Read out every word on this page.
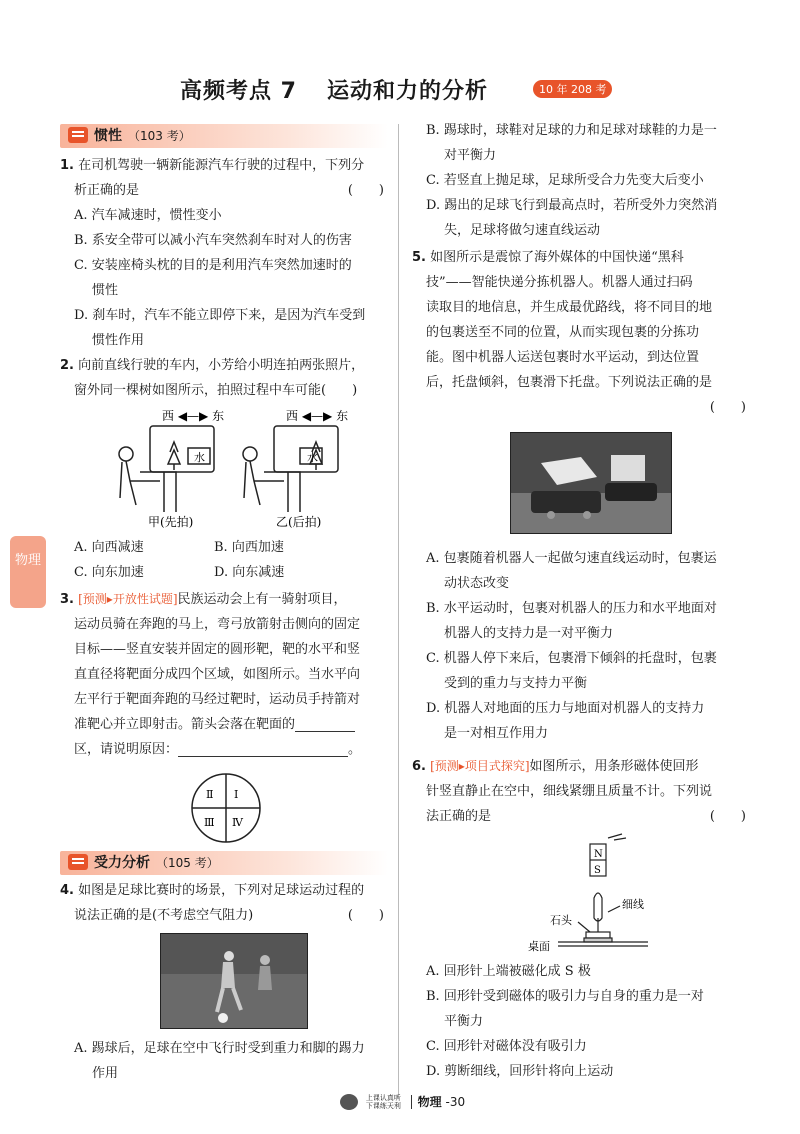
高频考点 7 运动和力的分析	10 年 208 考
物理
惯性 （103 考）
1. 在司机驾驶一辆新能源汽车行驶的过程中，下列分
析正确的是	(　　)
A. 汽车减速时，惯性变小
B. 系安全带可以减小汽车突然刹车时对人的伤害
C. 安装座椅头枕的目的是利用汽车突然加速时的
惯性
D. 刹车时，汽车不能立即停下来，是因为汽车受到
惯性作用
2. 向前直线行驶的车内，小芳给小明连拍两张照片，
窗外同一棵树如图所示，拍照过程中车可能(　　)
西 ◀—▶ 东	西 ◀—▶ 东
水	水
甲(先拍)	乙(后拍)
A. 向西减速	B. 向西加速
C. 向东加速	D. 向东减速
3. [预测▸开放性试题]民族运动会上有一骑射项目，
运动员骑在奔跑的马上，弯弓放箭射击侧向的固定
目标——竖直安装并固定的圆形靶，靶的水平和竖
直直径将靶面分成四个区域，如图所示。当水平向
左平行于靶面奔跑的马经过靶时，运动员手持箭对
准靶心并立即射击。箭头会落在靶面的
区，请说明原因：	。
Ⅰ
Ⅱ
Ⅲ Ⅳ
受力分析 （105 考）
4. 如图是足球比赛时的场景，下列对足球运动过程的
说法正确的是(不考虑空气阻力)	(　　)
A. 踢球后，足球在空中飞行时受到重力和脚的踢力
作用
B. 踢球时，球鞋对足球的力和足球对球鞋的力是一
对平衡力
C. 若竖直上抛足球，足球所受合力先变大后变小
D. 踢出的足球飞行到最高点时，若所受外力突然消
失，足球将做匀速直线运动
5. 如图所示是震惊了海外媒体的中国快递“黑科
技”——智能快递分拣机器人。机器人通过扫码
读取目的地信息，并生成最优路线，将不同目的地
的包裹送至不同的位置，从而实现包裹的分拣功
能。图中机器人运送包裹时水平运动，到达位置
后，托盘倾斜，包裹滑下托盘。下列说法正确的是
(　　)
A. 包裹随着机器人一起做匀速直线运动时，包裹运
动状态改变
B. 水平运动时，包裹对机器人的压力和水平地面对
机器人的支持力是一对平衡力
C. 机器人停下来后，包裹滑下倾斜的托盘时，包裹
受到的重力与支持力平衡
D. 机器人对地面的压力与地面对机器人的支持力
是一对相互作用力
6. [预测▸项目式探究]如图所示，用条形磁体使回形
针竖直静止在空中，细线紧绷且质量不计。下列说
法正确的是	(　　)
N
S
石头
细线
桌面
A. 回形针上端被磁化成 S 极
B. 回形针受到磁体的吸引力与自身的重力是一对
平衡力
C. 回形针对磁体没有吸引力
D. 剪断细线，回形针将向上运动
上课认真听
下课练天利 物理 -30
